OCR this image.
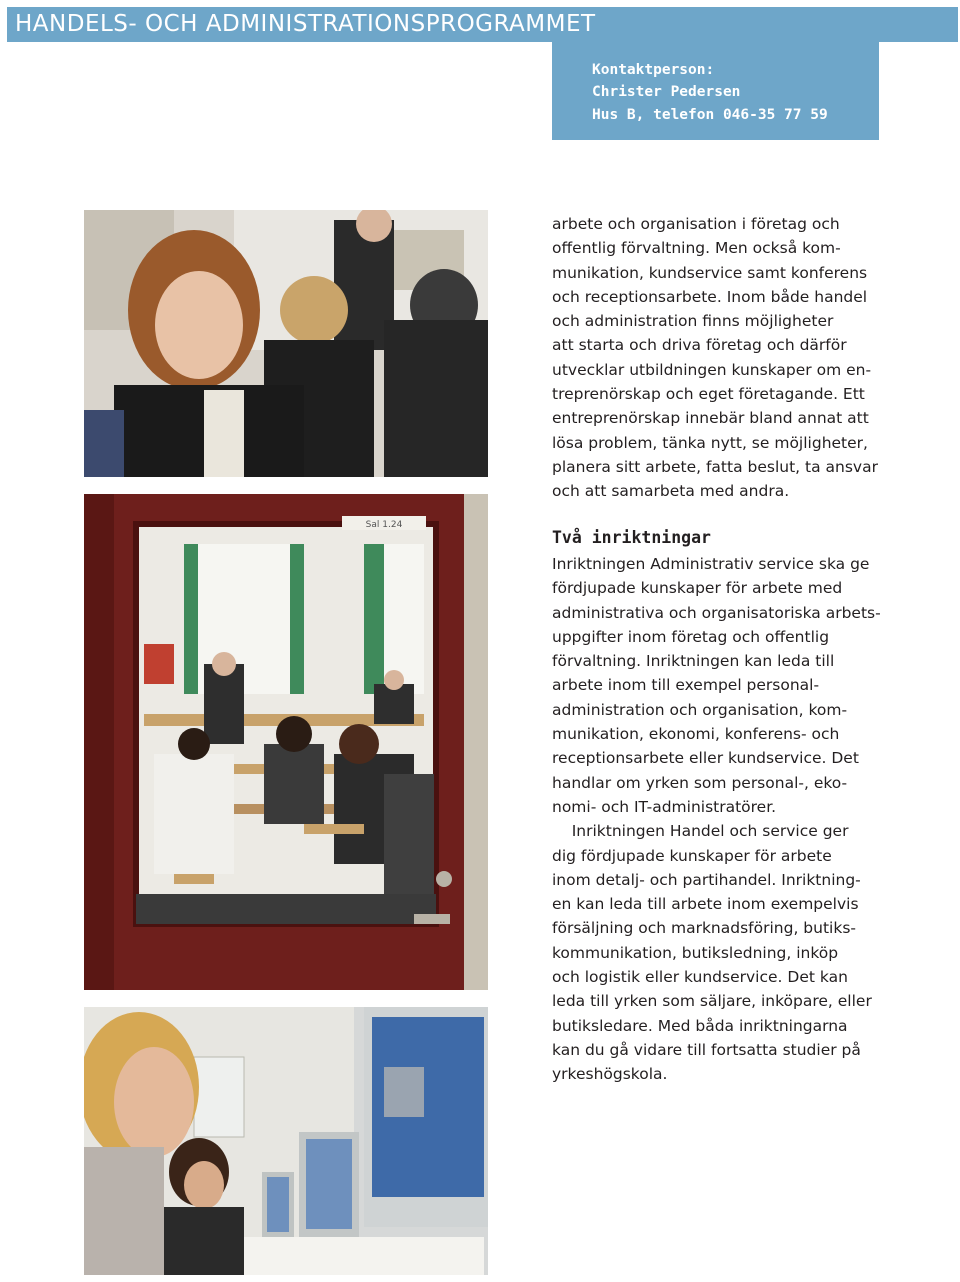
HANDELS- OCH ADMINISTRATIONSPROGRAMMET
Kontaktperson:
Christer Pedersen
Hus B, telefon 046-35 77 59
Sal 1.24
arbete och organisation i företag och
offentlig förvaltning. Men också kom-
munikation, kundservice samt konferens
och receptionsarbete. Inom både handel
och administration finns möjligheter
att starta och driva företag och därför
utvecklar utbildningen kunskaper om en-
treprenörskap och eget företagande. Ett
entreprenörskap innebär bland annat att
lösa problem, tänka nytt, se möjligheter,
planera sitt arbete, fatta beslut, ta ansvar
och att samarbeta med andra.
Två inriktningar
Inriktningen Administrativ service ska ge
fördjupade kunskaper för arbete med
administrativa och organisatoriska arbets-
uppgifter inom företag och offentlig
förvaltning. Inriktningen kan leda till
arbete inom till exempel personal-
administration och organisation, kom-
munikation, ekonomi, konferens- och
receptionsarbete eller kundservice. Det
handlar om yrken som personal-, eko-
nomi- och IT-administratörer.
Inriktningen Handel och service ger
dig fördjupade kunskaper för arbete
inom detalj- och partihandel. Inriktning-
en kan leda till arbete inom exempelvis
försäljning och marknadsföring, butiks-
kommunikation, butiksledning, inköp
och logistik eller kundservice. Det kan
leda till yrken som säljare, inköpare, eller
butiksledare. Med båda inriktningarna
kan du gå vidare till fortsatta studier på
yrkeshögskola.
